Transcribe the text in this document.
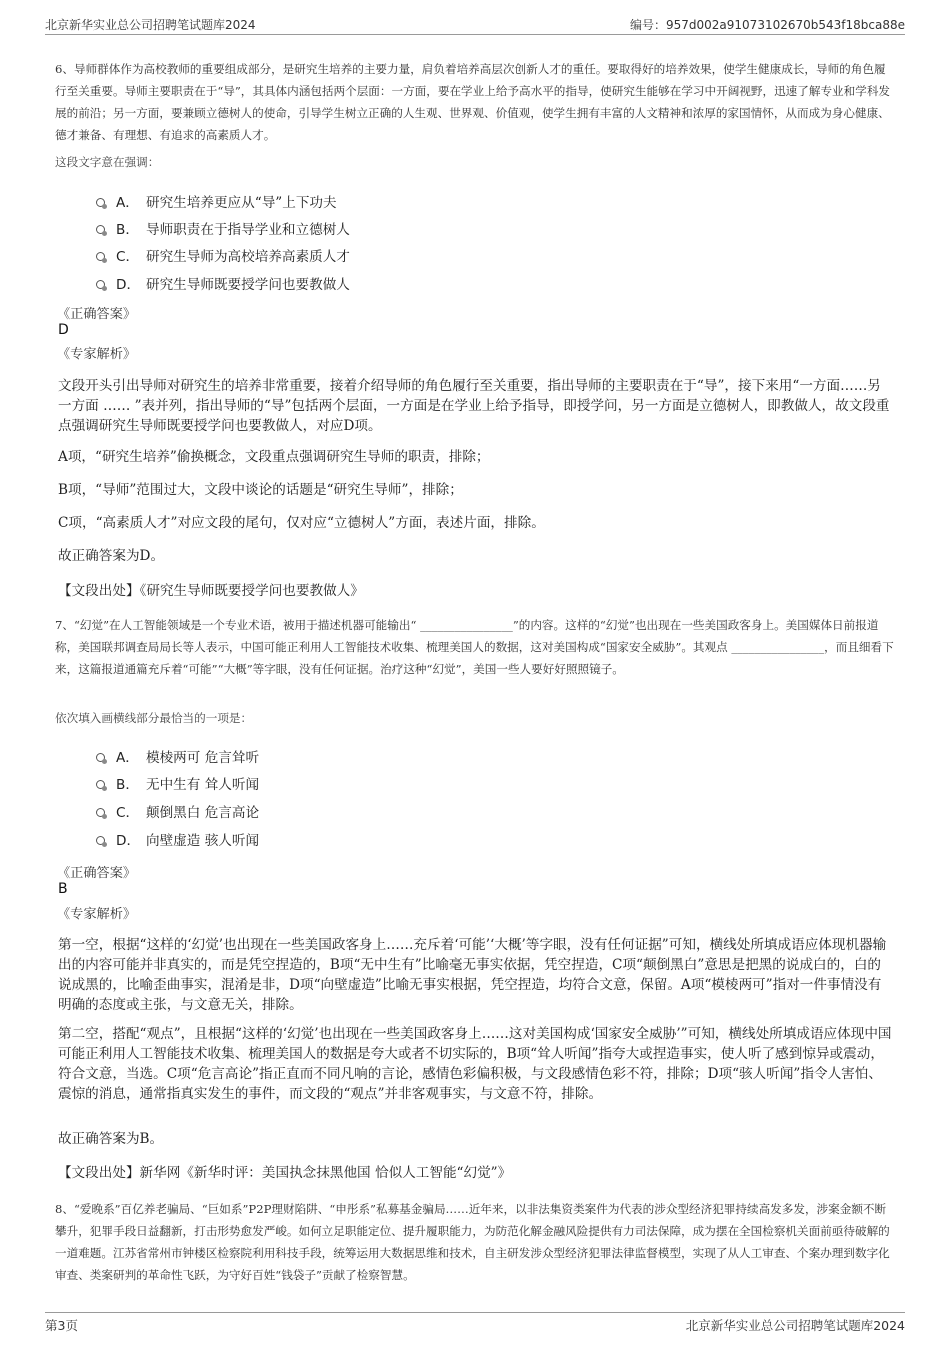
北京新华实业总公司招聘笔试题库2024	编号：957d002a91073102670b543f18bca88e

6、导师群体作为高校教师的重要组成部分，是研究生培养的主要力量，肩负着培养高层次创新人才的重任。要取得好的培养效果，使学生健康成长，导师的角色履行至关重要。导师主要职责在于“导”，其具体内涵包括两个层面：一方面，要在学业上给予高水平的指导，使研究生能够在学习中开阔视野，迅速了解专业和学科发展的前沿；另一方面，要兼顾立德树人的使命，引导学生树立正确的人生观、世界观、价值观，使学生拥有丰富的人文精神和浓厚的家国情怀，从而成为身心健康、德才兼备、有理想、有追求的高素质人才。

这段文字意在强调：

A． 研究生培养更应从“导”上下功夫
B． 导师职责在于指导学业和立德树人
C． 研究生导师为高校培养高素质人才
D． 研究生导师既要授学问也要教做人

《正确答案》

D

《专家解析》

文段开头引出导师对研究生的培养非常重要，接着介绍导师的角色履行至关重要，指出导师的主要职责在于“导”，接下来用“一方面……另一方面 …… ”表并列，指出导师的“导”包括两个层面，一方面是在学业上给予指导，即授学问，另一方面是立德树人，即教做人，故文段重点强调研究生导师既要授学问也要教做人，对应D项。

A项，“研究生培养”偷换概念，文段重点强调研究生导师的职责，排除；

B项，“导师”范围过大，文段中谈论的话题是“研究生导师”，排除；

C项，“高素质人才”对应文段的尾句，仅对应“立德树人”方面，表述片面，排除。

故正确答案为D。

【文段出处】《研究生导师既要授学问也要教做人》

7、“幻觉”在人工智能领域是一个专业术语，被用于描述机器可能输出“ ________________”的内容。这样的“幻觉”也出现在一些美国政客身上。美国媒体日前报道称，美国联邦调查局局长等人表示，中国可能正利用人工智能技术收集、梳理美国人的数据，这对美国构成“国家安全威胁”。其观点 ________________，而且细看下来，这篇报道通篇充斥着“可能”“大概”等字眼，没有任何证据。治疗这种“幻觉”，美国一些人要好好照照镜子。

依次填入画横线部分最恰当的一项是：

A． 模棱两可 危言耸听
B． 无中生有 耸人听闻
C． 颠倒黑白 危言高论
D． 向壁虚造 骇人听闻

《正确答案》

B

《专家解析》

第一空，根据“这样的‘幻觉’也出现在一些美国政客身上……充斥着‘可能’‘大概’等字眼，没有任何证据”可知，横线处所填成语应体现机器输出的内容可能并非真实的，而是凭空捏造的，B项“无中生有”比喻毫无事实依据，凭空捏造，C项“颠倒黑白”意思是把黑的说成白的，白的说成黑的，比喻歪曲事实，混淆是非，D项“向壁虚造”比喻无事实根据，凭空捏造，均符合文意，保留。A项“模棱两可”指对一件事情没有明确的态度或主张，与文意无关，排除。

第二空，搭配“观点”，且根据“这样的‘幻觉’也出现在一些美国政客身上……这对美国构成‘国家安全威胁’”可知，横线处所填成语应体现中国可能正利用人工智能技术收集、梳理美国人的数据是夸大或者不切实际的，B项“耸人听闻”指夸大或捏造事实，使人听了感到惊异或震动，符合文意，当选。C项“危言高论”指正直而不同凡响的言论，感情色彩偏积极，与文段感情色彩不符，排除；D项“骇人听闻”指令人害怕、震惊的消息，通常指真实发生的事件，而文段的“观点”并非客观事实，与文意不符，排除。

故正确答案为B。

【文段出处】新华网《新华时评：美国执念抹黑他国 恰似人工智能“幻觉”》

8、“爱晚系”百亿养老骗局、“巨如系”P2P理财陷阱、“申彤系”私募基金骗局……近年来，以非法集资类案件为代表的涉众型经济犯罪持续高发多发，涉案金额不断攀升，犯罪手段日益翻新，打击形势愈发严峻。如何立足职能定位、提升履职能力，为防范化解金融风险提供有力司法保障，成为摆在全国检察机关面前亟待破解的一道难题。江苏省常州市钟楼区检察院利用科技手段，统筹运用大数据思维和技术，自主研发涉众型经济犯罪法律监督模型，实现了从人工审查、个案办理到数字化审查、类案研判的革命性飞跃，为守好百姓“钱袋子”贡献了检察智慧。

第3页	北京新华实业总公司招聘笔试题库2024
